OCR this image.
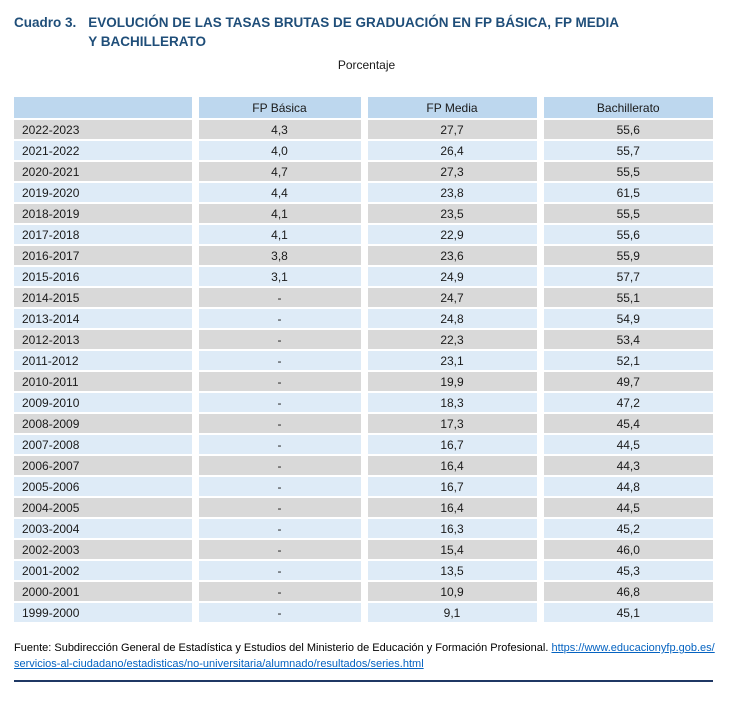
Cuadro 3. EVOLUCIÓN DE LAS TASAS BRUTAS DE GRADUACIÓN EN FP BÁSICA, FP MEDIA
Y BACHILLERATO
Porcentaje
	FP Básica	FP Media	Bachillerato
2022-2023	4,3	27,7	55,6
2021-2022	4,0	26,4	55,7
2020-2021	4,7	27,3	55,5
2019-2020	4,4	23,8	61,5
2018-2019	4,1	23,5	55,5
2017-2018	4,1	22,9	55,6
2016-2017	3,8	23,6	55,9
2015-2016	3,1	24,9	57,7
2014-2015	-	24,7	55,1
2013-2014	-	24,8	54,9
2012-2013	-	22,3	53,4
2011-2012	-	23,1	52,1
2010-2011	-	19,9	49,7
2009-2010	-	18,3	47,2
2008-2009	-	17,3	45,4
2007-2008	-	16,7	44,5
2006-2007	-	16,4	44,3
2005-2006	-	16,7	44,8
2004-2005	-	16,4	44,5
2003-2004	-	16,3	45,2
2002-2003	-	15,4	46,0
2001-2002	-	13,5	45,3
2000-2001	-	10,9	46,8
1999-2000	-	9,1	45,1
Fuente: Subdirección General de Estadística y Estudios del Ministerio de Educación y Formación Profesional. https://www.educacionyfp.gob.es/servicios-al-ciudadano/estadisticas/no-universitaria/alumnado/resultados/series.html
